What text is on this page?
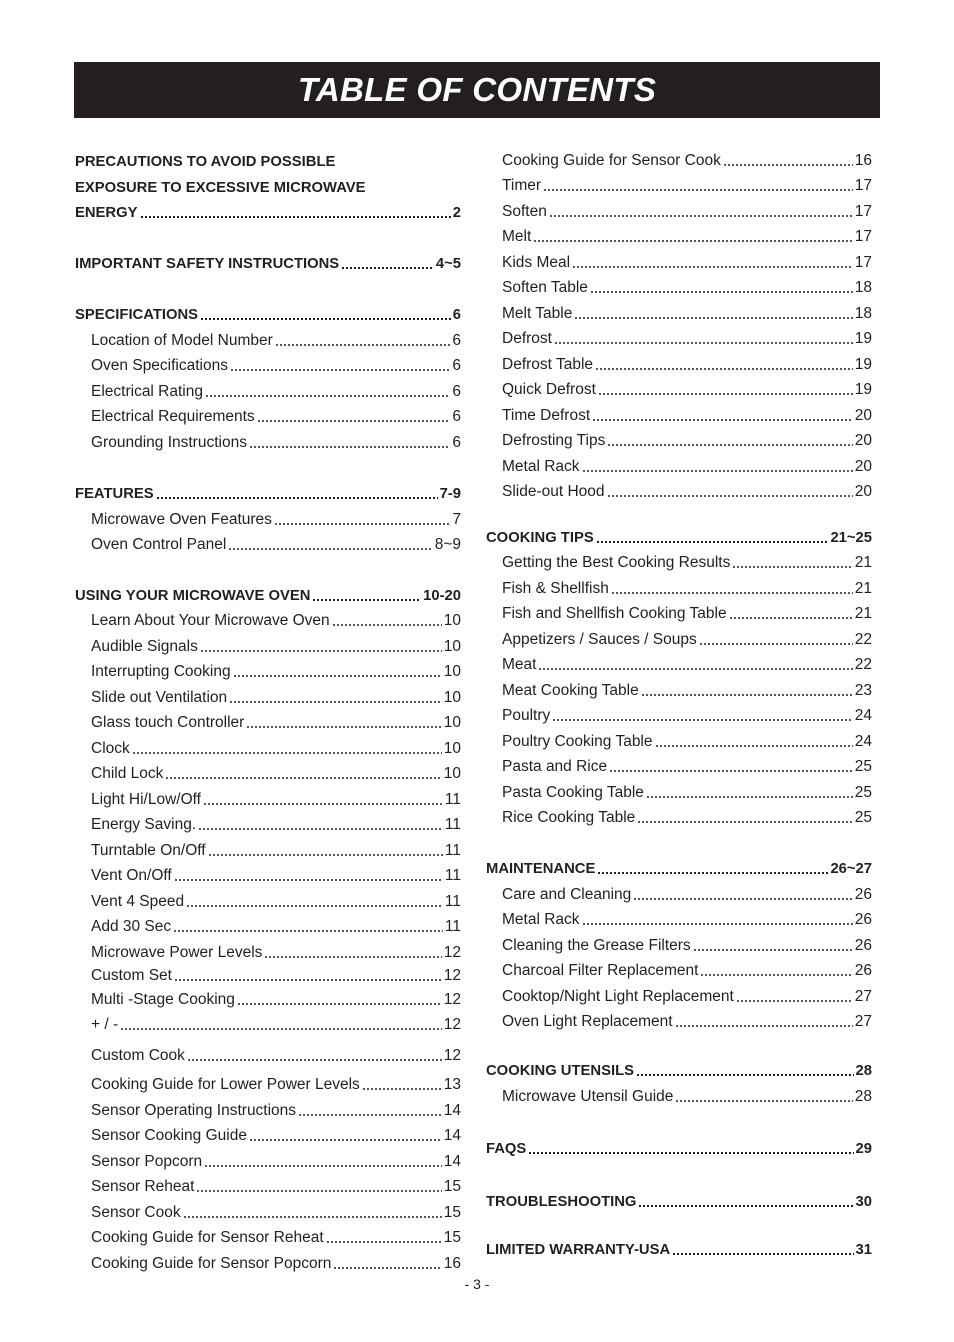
TABLE OF CONTENTS
PRECAUTIONS TO AVOID POSSIBLE
EXPOSURE TO EXCESSIVE MICROWAVE
ENERGY	2
IMPORTANT SAFETY INSTRUCTIONS	4~5
SPECIFICATIONS	6
Location of Model Number	6
Oven Specifications	6
Electrical Rating	6
Electrical Requirements	6
Grounding Instructions	6
FEATURES	7-9
Microwave Oven Features	7
Oven Control Panel	8~9
USING YOUR MICROWAVE OVEN	10-20
Learn About Your Microwave Oven	10
Audible Signals	10
Interrupting Cooking	10
Slide out Ventilation	10
Glass touch Controller	10
Clock	10
Child Lock	10
Light Hi/Low/Off	11
Energy Saving.	11
Turntable On/Off	11
Vent On/Off	11
Vent 4 Speed	11
Add 30 Sec	11
Microwave Power Levels	12
Custom Set	12
Multi -Stage Cooking	12
+ / -	12
Custom Cook	12
Cooking Guide for Lower Power Levels	13
Sensor Operating Instructions	14
Sensor Cooking Guide	14
Sensor Popcorn	14
Sensor Reheat	15
Sensor Cook	15
Cooking Guide for Sensor Reheat	15
Cooking Guide for Sensor Popcorn	16
Cooking Guide for Sensor Cook	16
Timer	17
Soften	17
Melt	17
Kids Meal	17
Soften Table	18
Melt Table	18
Defrost	19
Defrost Table	19
Quick Defrost	19
Time Defrost	20
Defrosting Tips	20
Metal Rack	20
Slide-out Hood	20
COOKING TIPS	21~25
Getting the Best Cooking Results	21
Fish & Shellfish	21
Fish and Shellfish Cooking Table	21
Appetizers / Sauces / Soups	22
Meat	22
Meat Cooking Table	23
Poultry	24
Poultry Cooking Table	24
Pasta and Rice	25
Pasta Cooking Table	25
Rice Cooking Table	25
MAINTENANCE	26~27
Care and Cleaning	26
Metal Rack	26
Cleaning the Grease Filters	26
Charcoal Filter Replacement	26
Cooktop/Night Light Replacement	27
Oven Light Replacement	27
COOKING UTENSILS	28
Microwave Utensil Guide	28
FAQS	29
TROUBLESHOOTING	30
LIMITED WARRANTY-USA	31
- 3 -
